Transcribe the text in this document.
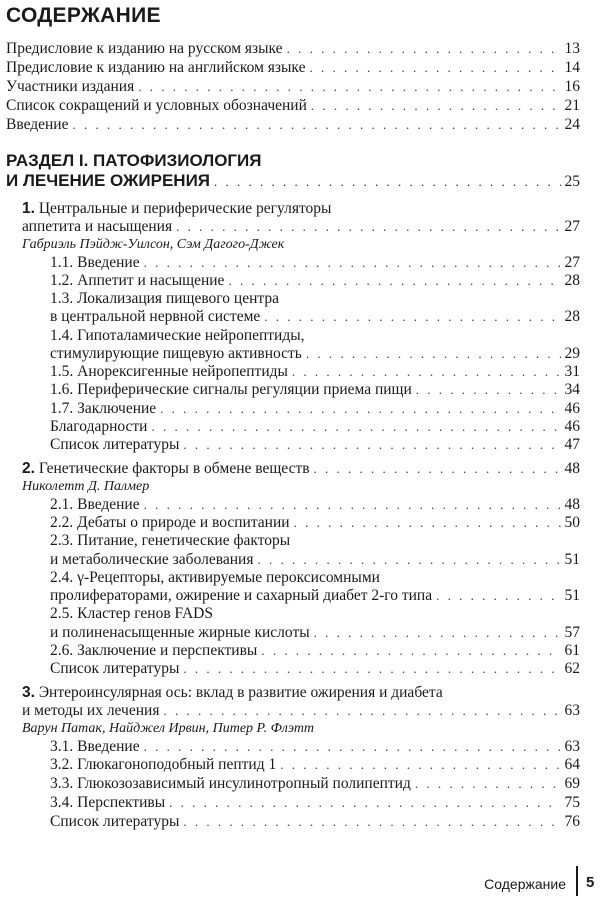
СОДЕРЖАНИЕ
Предисловие к изданию на русском языке . . .	13
Предисловие к изданию на английском языке . . .	14
Участники издания . . .	16
Список сокращений и условных обозначений . . .	21
Введение . . .	24
РАЗДЕЛ I. ПАТОФИЗИОЛОГИЯ
И ЛЕЧЕНИЕ ОЖИРЕНИЯ . . .	25
1. Центральные и периферические регуляторы
аппетита и насыщения . . .	27
Габриэль Пэйдж-Уилсон, Сэм Дагого-Джек
1.1. Введение . . .	27
1.2. Аппетит и насыщение . . .	28
1.3. Локализация пищевого центра
в центральной нервной системе . . .	28
1.4. Гипоталамические нейропептиды,
стимулирующие пищевую активность . . .	29
1.5. Анорексигенные нейропептиды . . .	31
1.6. Периферические сигналы регуляции приема пищи . . .	34
1.7. Заключение . . .	46
Благодарности . . .	46
Список литературы . . .	47
2. Генетические факторы в обмене веществ . . .	48
Николетт Д. Палмер
2.1. Введение . . .	48
2.2. Дебаты о природе и воспитании . . .	50
2.3. Питание, генетические факторы
и метаболические заболевания . . .	51
2.4. γ-Рецепторы, активируемые пероксисомными
пролифераторами, ожирение и сахарный диабет 2-го типа . . .	51
2.5. Кластер генов FADS
и полиненасыщенные жирные кислоты . . .	57
2.6. Заключение и перспективы . . .	61
Список литературы . . .	62
3. Энтероинсулярная ось: вклад в развитие ожирения и диабета
и методы их лечения . . .	63
Варун Патак, Найджел Ирвин, Питер Р. Флэтт
3.1. Введение . . .	63
3.2. Глюкагоноподобный пептид 1 . . .	64
3.3. Глюкозозависимый инсулинотропный полипептид . . .	69
3.4. Перспективы . . .	75
Список литературы . . .	76
Содержание 5
